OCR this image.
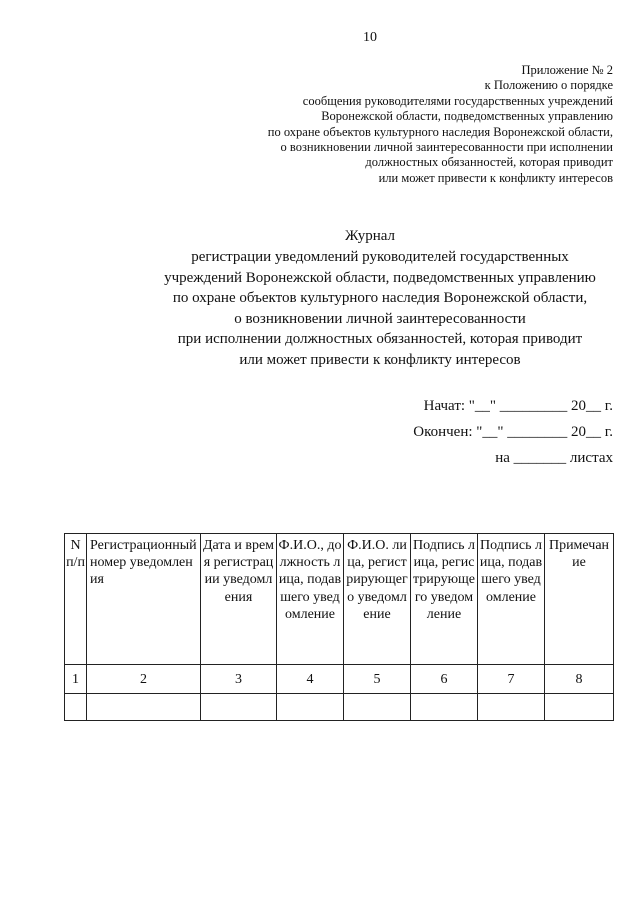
10
Приложение № 2
к Положению о порядке
сообщения руководителями государственных учреждений
Воронежской области, подведомственных управлению
по охране объектов культурного наследия Воронежской области,
о возникновении личной заинтересованности при исполнении
должностных обязанностей, которая приводит
или может привести к конфликту интересов
Журнал
регистрации уведомлений руководителей государственных
учреждений Воронежской области, подведомственных управлению
по охране объектов культурного наследия Воронежской области,
о возникновении личной заинтересованности
при исполнении должностных обязанностей, которая приводит
или может привести к конфликту интересов
Начат: "__" _________ 20__ г.
Окончен: "__" ________ 20__ г.
на _______ листах
N п/п	Регистрационный номер уведомления	Дата и время регистрации уведомления	Ф.И.О., должность лица, подавшего уведомление	Ф.И.О. лица, регистрирующего уведомление	Подпись лица, регистрирующего уведомление	Подпись лица, подавшего уведомление	Примечание
1	2	3	4	5	6	7	8
